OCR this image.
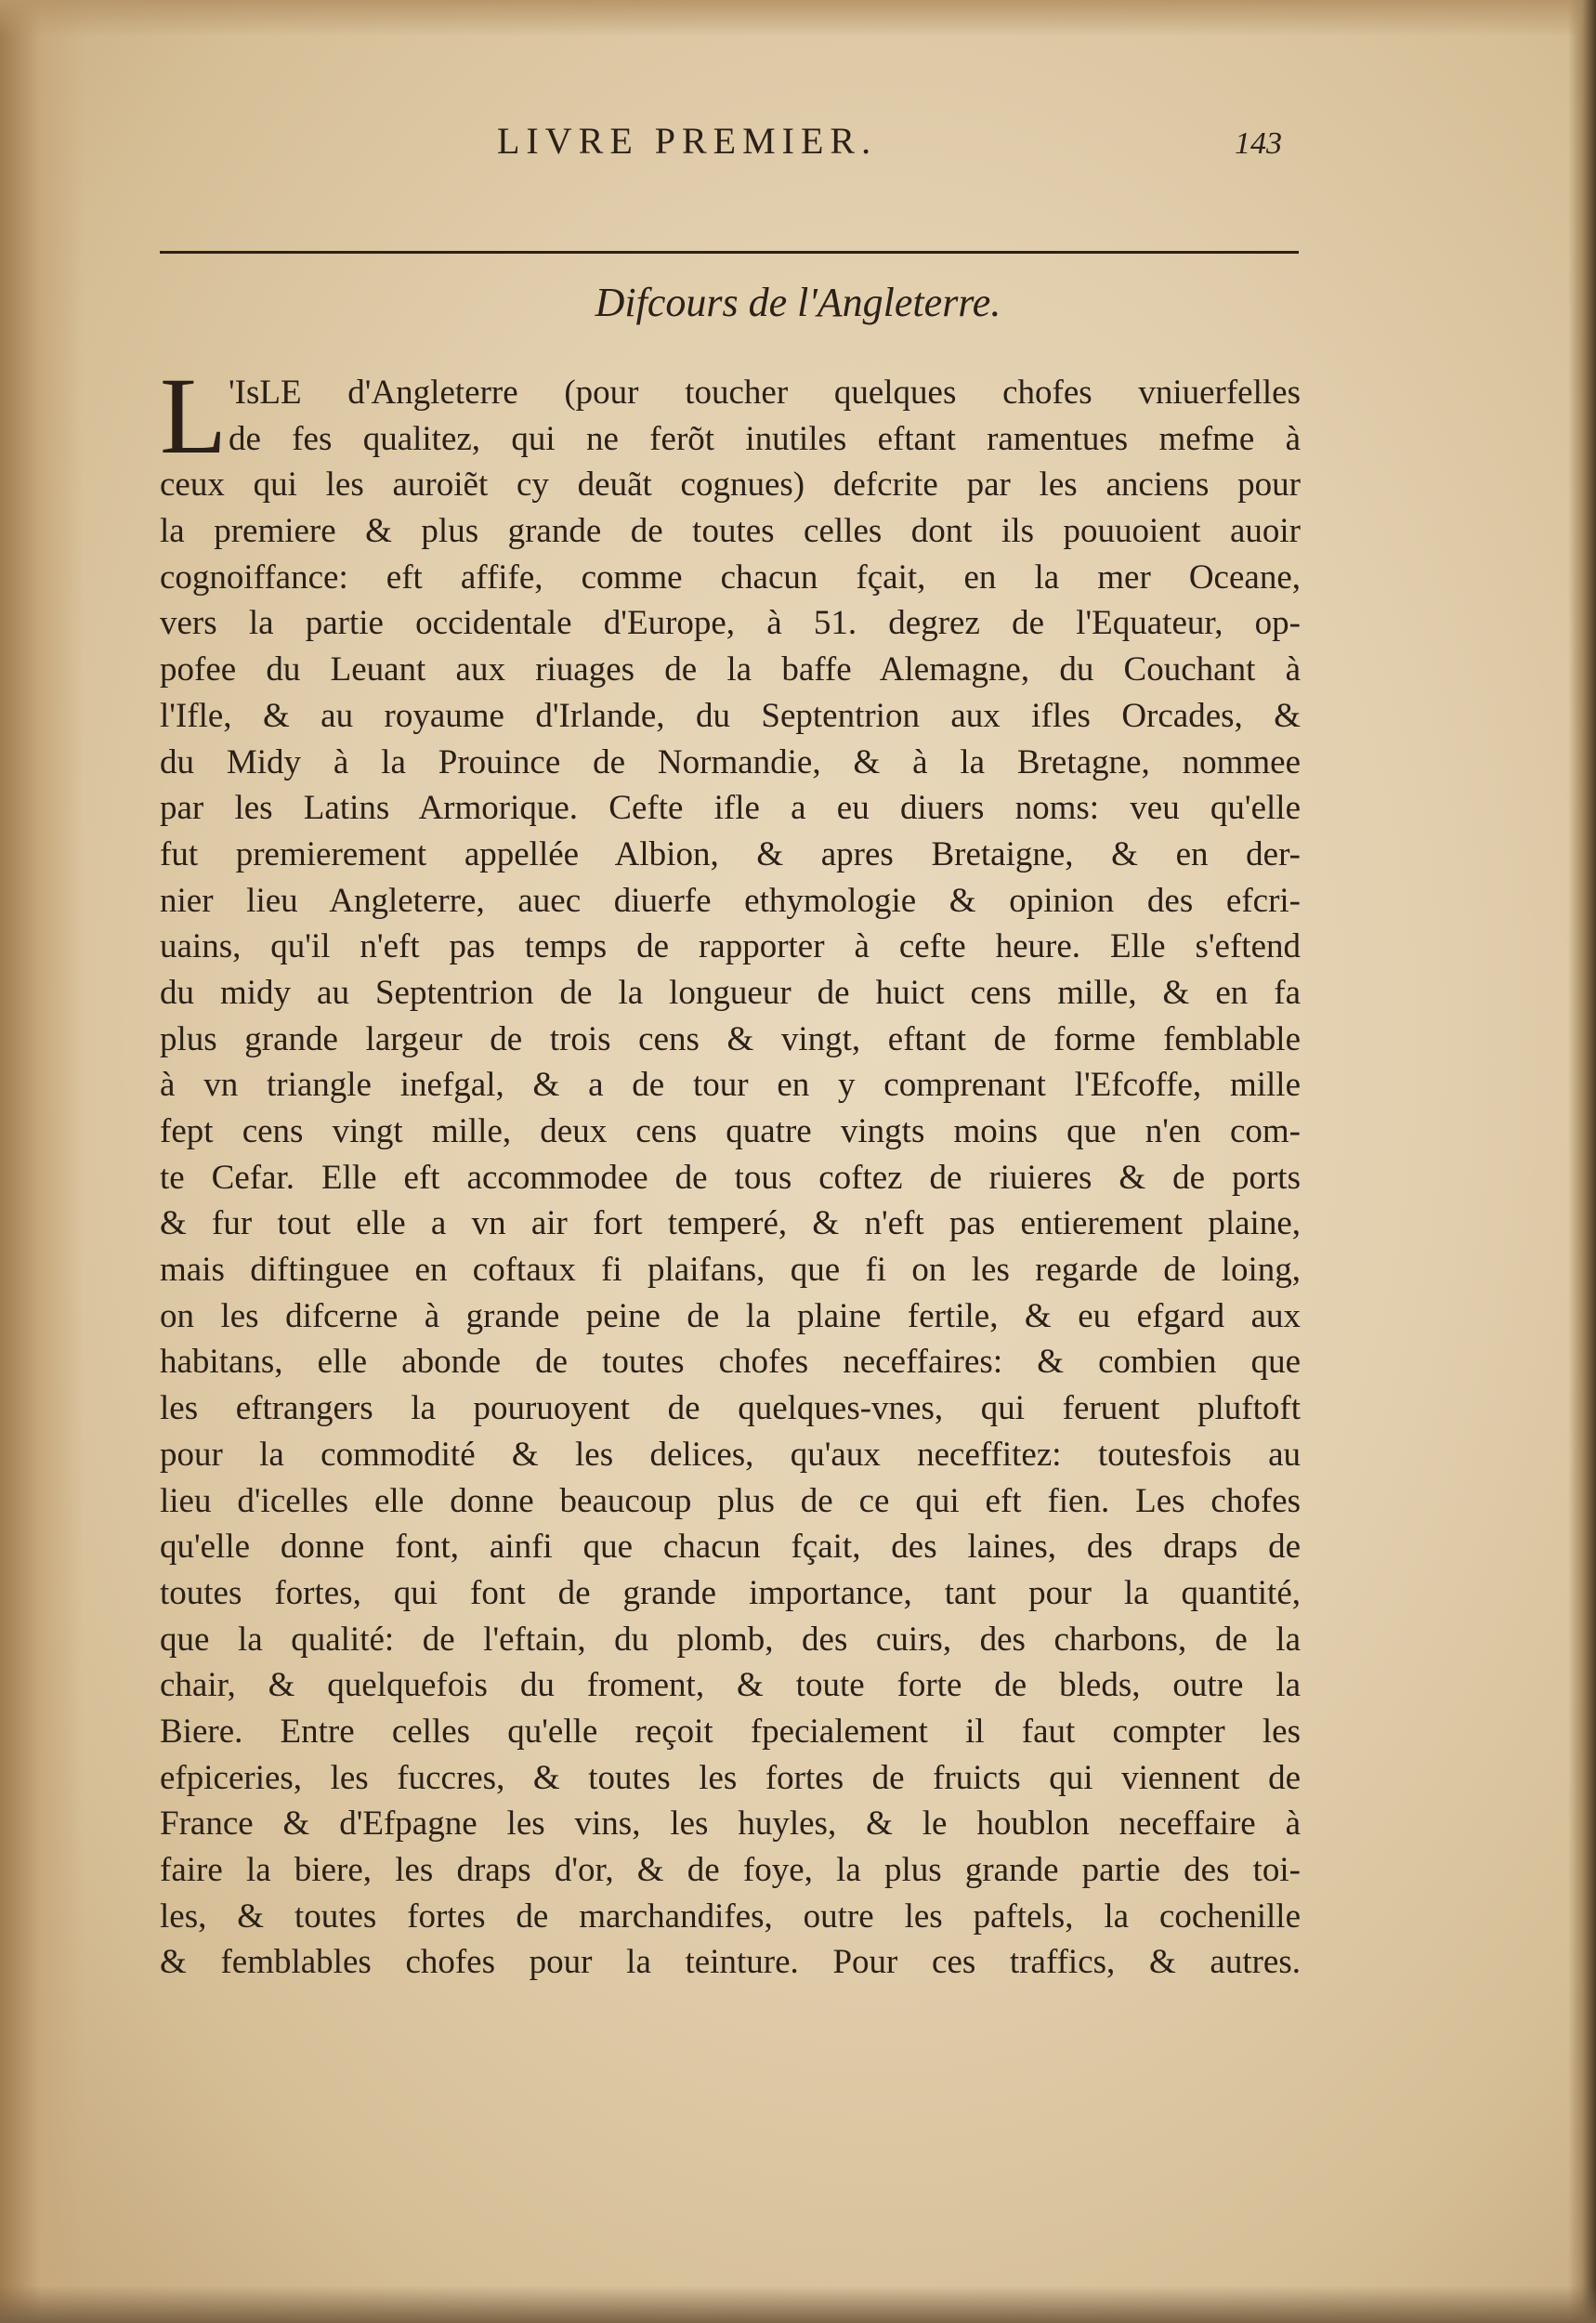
LIVRE PREMIER.	143
Difcours de l'Angleterre.
L 'IsLE d'Angleterre (pour toucher quelques chofes vniuerfelles
de fes qualitez, qui ne ferõt inutiles eftant ramentues mefme à
ceux qui les auroiẽt cy deuãt cognues) defcrite par les anciens pour
la premiere & plus grande de toutes celles dont ils pouuoient auoir
cognoiffance: eft affife, comme chacun fçait, en la mer Oceane,
vers la partie occidentale d'Europe, à 51. degrez de l'Equateur, op-
pofee du Leuant aux riuages de la baffe Alemagne, du Couchant à
l'Ifle, & au royaume d'Irlande, du Septentrion aux ifles Orcades, &
du Midy à la Prouince de Normandie, & à la Bretagne, nommee
par les Latins Armorique. Cefte ifle a eu diuers noms: veu qu'elle
fut premierement appellée Albion, & apres Bretaigne, & en der-
nier lieu Angleterre, auec diuerfe ethymologie & opinion des efcri-
uains, qu'il n'eft pas temps de rapporter à cefte heure. Elle s'eftend
du midy au Septentrion de la longueur de huict cens mille, & en fa
plus grande largeur de trois cens & vingt, eftant de forme femblable
à vn triangle inefgal, & a de tour en y comprenant l'Efcoffe, mille
fept cens vingt mille, deux cens quatre vingts moins que n'en com-
te Cefar. Elle eft accommodee de tous coftez de riuieres & de ports
& fur tout elle a vn air fort temperé, & n'eft pas entierement plaine,
mais diftinguee en coftaux fi plaifans, que fi on les regarde de loing,
on les difcerne à grande peine de la plaine fertile, & eu efgard aux
habitans, elle abonde de toutes chofes neceffaires: & combien que
les eftrangers la pouruoyent de quelques-vnes, qui feruent pluftoft
pour la commodité & les delices, qu'aux neceffitez: toutesfois au
lieu d'icelles elle donne beaucoup plus de ce qui eft fien. Les chofes
qu'elle donne font, ainfi que chacun fçait, des laines, des draps de
toutes fortes, qui font de grande importance, tant pour la quantité,
que la qualité: de l'eftain, du plomb, des cuirs, des charbons, de la
chair, & quelquefois du froment, & toute forte de bleds, outre la
Biere. Entre celles qu'elle reçoit fpecialement il faut compter les
efpiceries, les fuccres, & toutes les fortes de fruicts qui viennent de
France & d'Efpagne les vins, les huyles, & le houblon neceffaire à
faire la biere, les draps d'or, & de foye, la plus grande partie des toi-
les, & toutes fortes de marchandifes, outre les paftels, la cochenille
& femblables chofes pour la teinture. Pour ces traffics, & autres.
